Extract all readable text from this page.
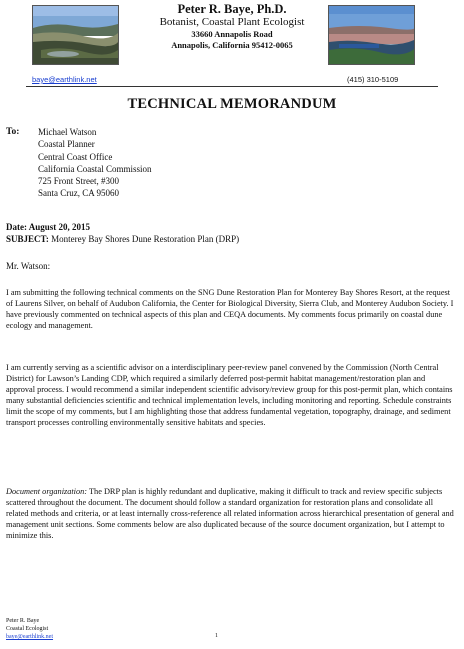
Peter R. Baye, Ph.D.
Botanist, Coastal Plant Ecologist
33660 Annapolis Road
Annapolis, California 95412-0065
baye@earthlink.net	(415) 310-5109
TECHNICAL MEMORANDUM
To: Michael Watson
Coastal Planner
Central Coast Office
California Coastal Commission
725 Front Street, #300
Santa Cruz, CA 95060
Date: August 20, 2015
SUBJECT: Monterey Bay Shores Dune Restoration Plan (DRP)
Mr. Watson:
I am submitting the following technical comments on the SNG Dune Restoration Plan for Monterey Bay Shores Resort, at the request of Laurens Silver, on behalf of Audubon California, the Center for Biological Diversity, Sierra Club, and Monterey Audubon Society. I have previously commented on technical aspects of this plan and CEQA documents. My comments focus primarily on coastal dune ecology and management.
I am currently serving as a scientific advisor on a interdisciplinary peer-review panel convened by the Commission (North Central District) for Lawson’s Landing CDP, which required a similarly deferred post-permit habitat management/restoration plan and approval process. I would recommend a similar independent scientific advisory/review group for this post-permit plan, which contains many substantial deficiencies scientific and technical implementation levels, including monitoring and reporting. Schedule constraints limit the scope of my comments, but I am highlighting those that address fundamental vegetation, topography, drainage, and sediment transport processes controlling environmentally sensitive habitats and species.
Document organization: The DRP plan is highly redundant and duplicative, making it difficult to track and review specific subjects scattered throughout the document. The document should follow a standard organization for restoration plans and consolidate all related methods and criteria, or at least internally cross-reference all related information across hierarchical presentation of general and management unit sections. Some comments below are also duplicated because of the source document organization, but I attempt to minimize this.
Peter R. Baye
Coastal Ecologist
baye@earthlink.net	1
